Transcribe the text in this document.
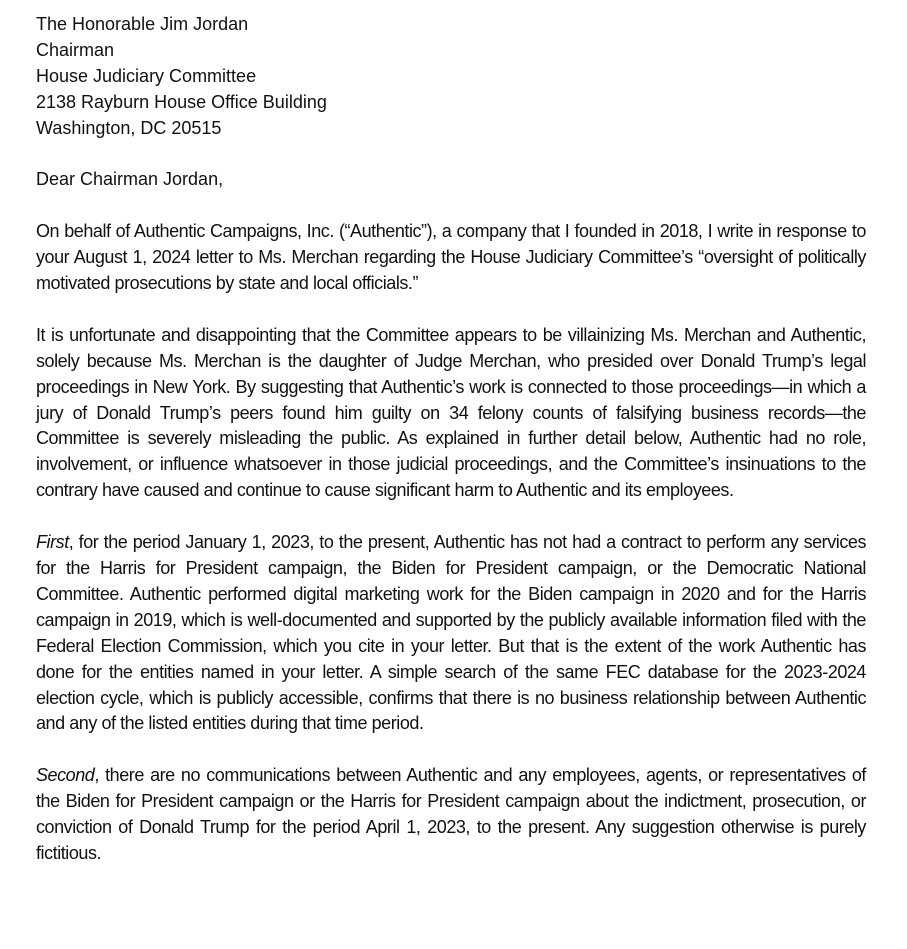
The Honorable Jim Jordan
Chairman
House Judiciary Committee
2138 Rayburn House Office Building
Washington, DC 20515
Dear Chairman Jordan,

On behalf of Authentic Campaigns, Inc. (“Authentic”), a company that I founded in 2018, I write in response to your August 1, 2024 letter to Ms. Merchan regarding the House Judiciary Committee’s “oversight of politically motivated prosecutions by state and local officials.”

It is unfortunate and disappointing that the Committee appears to be villainizing Ms. Merchan and Authentic, solely because Ms. Merchan is the daughter of Judge Merchan, who presided over Donald Trump’s legal proceedings in New York. By suggesting that Authentic’s work is connected to those proceedings—in which a jury of Donald Trump’s peers found him guilty on 34 felony counts of falsifying business records—the Committee is severely misleading the public. As explained in further detail below, Authentic had no role, involvement, or influence whatsoever in those judicial proceedings, and the Committee’s insinuations to the contrary have caused and continue to cause significant harm to Authentic and its employees.

First, for the period January 1, 2023, to the present, Authentic has not had a contract to perform any services for the Harris for President campaign, the Biden for President campaign, or the Democratic National Committee. Authentic performed digital marketing work for the Biden campaign in 2020 and for the Harris campaign in 2019, which is well-documented and supported by the publicly available information filed with the Federal Election Commission, which you cite in your letter. But that is the extent of the work Authentic has done for the entities named in your letter. A simple search of the same FEC database for the 2023-2024 election cycle, which is publicly accessible, confirms that there is no business relationship between Authentic and any of the listed entities during that time period.

Second, there are no communications between Authentic and any employees, agents, or representatives of the Biden for President campaign or the Harris for President campaign about the indictment, prosecution, or conviction of Donald Trump for the period April 1, 2023, to the present. Any suggestion otherwise is purely fictitious.
